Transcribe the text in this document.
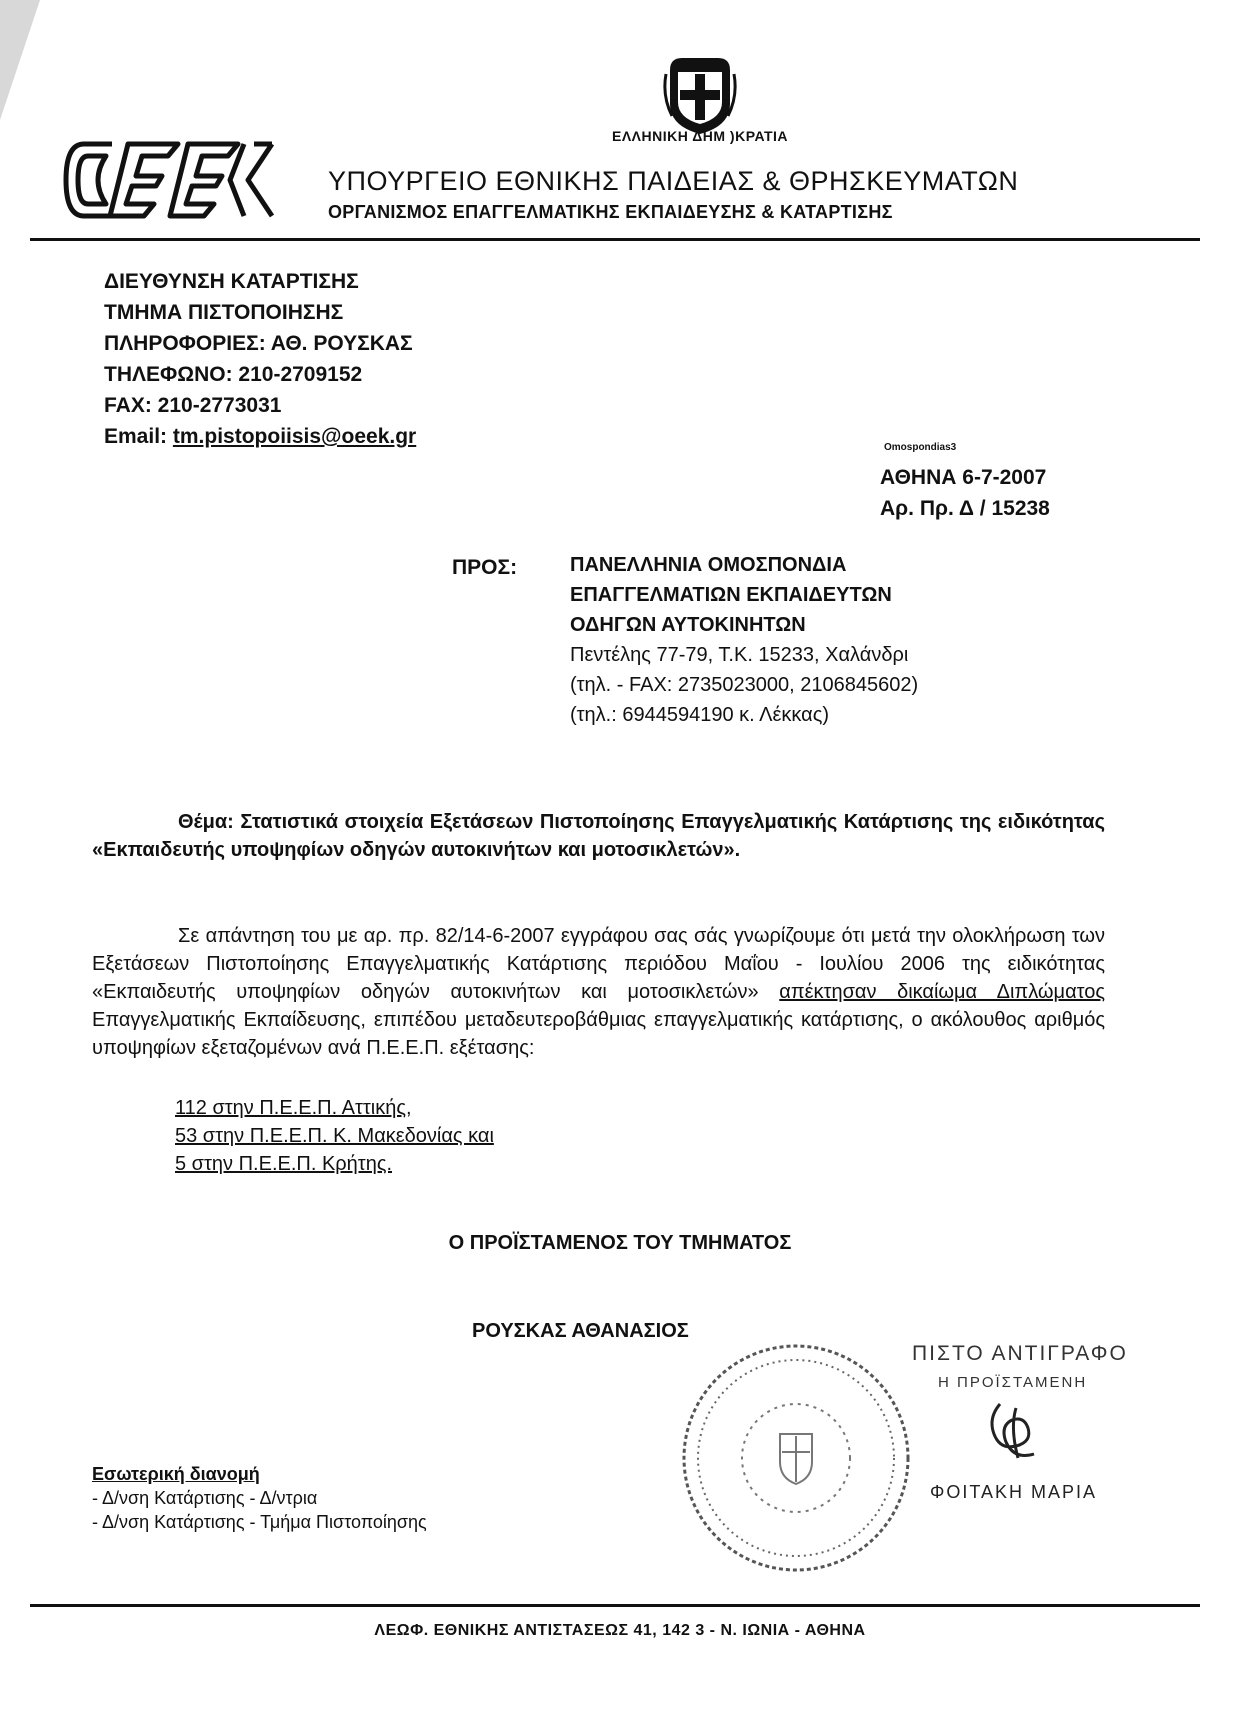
ΕΛΛΗΝΙΚΗ ΔΗΜ )ΚΡΑΤΙΑ
ΥΠΟΥΡΓΕΙΟ ΕΘΝΙΚΗΣ ΠΑΙΔΕΙΑΣ & ΘΡΗΣΚΕΥΜΑΤΩΝ
ΟΡΓΑΝΙΣΜΟΣ ΕΠΑΓΓΕΛΜΑΤΙΚΗΣ ΕΚΠΑΙΔΕΥΣΗΣ & ΚΑΤΑΡΤΙΣΗΣ
ΔΙΕΥΘΥΝΣΗ ΚΑΤΑΡΤΙΣΗΣ
ΤΜΗΜΑ ΠΙΣΤΟΠΟΙΗΣΗΣ
ΠΛΗΡΟΦΟΡΙΕΣ: ΑΘ. ΡΟΥΣΚΑΣ
ΤΗΛΕΦΩΝΟ: 210-2709152
FAX: 210-2773031
Email: tm.pistopoiisis@oeek.gr	Omospondias3
ΑΘΗΝΑ 6-7-2007
Αρ. Πρ. Δ / 15238
ΠΡΟΣ:	ΠΑΝΕΛΛΗΝΙΑ ΟΜΟΣΠΟΝΔΙΑ
ΕΠΑΓΓΕΛΜΑΤΙΩΝ ΕΚΠΑΙΔΕΥΤΩΝ
ΟΔΗΓΩΝ ΑΥΤΟΚΙΝΗΤΩΝ
Πεντέλης 77-79, Τ.Κ. 15233, Χαλάνδρι
(τηλ. - FAX: 2735023000, 2106845602)
(τηλ.: 6944594190 κ. Λέκκας)
Θέμα: Στατιστικά στοιχεία Εξετάσεων Πιστοποίησης Επαγγελματικής Κατάρτισης της ειδικότητας «Εκπαιδευτής υποψηφίων οδηγών αυτοκινήτων και μοτοσικλετών».
Σε απάντηση του με αρ. πρ. 82/14-6-2007 εγγράφου σας σάς γνωρίζουμε ότι μετά την ολοκλήρωση των Εξετάσεων Πιστοποίησης Επαγγελματικής Κατάρτισης περιόδου Μαΐου - Ιουλίου 2006 της ειδικότητας «Εκπαιδευτής υποψηφίων οδηγών αυτοκινήτων και μοτοσικλετών» απέκτησαν δικαίωμα Διπλώματος Επαγγελματικής Εκπαίδευσης, επιπέδου μεταδευτεροβάθμιας επαγγελματικής κατάρτισης, ο ακόλουθος αριθμός υποψηφίων εξεταζομένων ανά Π.Ε.Ε.Π. εξέτασης:
112 στην Π.Ε.Ε.Π. Αττικής,
53 στην Π.Ε.Ε.Π. Κ. Μακεδονίας και
5 στην Π.Ε.Ε.Π. Κρήτης.
Ο ΠΡΟΪΣΤΑΜΕΝΟΣ ΤΟΥ ΤΜΗΜΑΤΟΣ
ΡΟΥΣΚΑΣ ΑΘΑΝΑΣΙΟΣ
ΠΙΣΤΟ ΑΝΤΙΓΡΑΦΟ
Η ΠΡΟΪΣΤΑΜΕΝΗ
ΦΟΙΤΑΚΗ ΜΑΡΙΑ
Εσωτερική διανομή
- Δ/νση Κατάρτισης - Δ/ντρια
- Δ/νση Κατάρτισης - Τμήμα Πιστοποίησης
ΛΕΩΦ. ΕΘΝΙΚΗΣ ΑΝΤΙΣΤΑΣΕΩΣ 41, 142 3 - Ν. ΙΩΝΙΑ - ΑΘΗΝΑ
